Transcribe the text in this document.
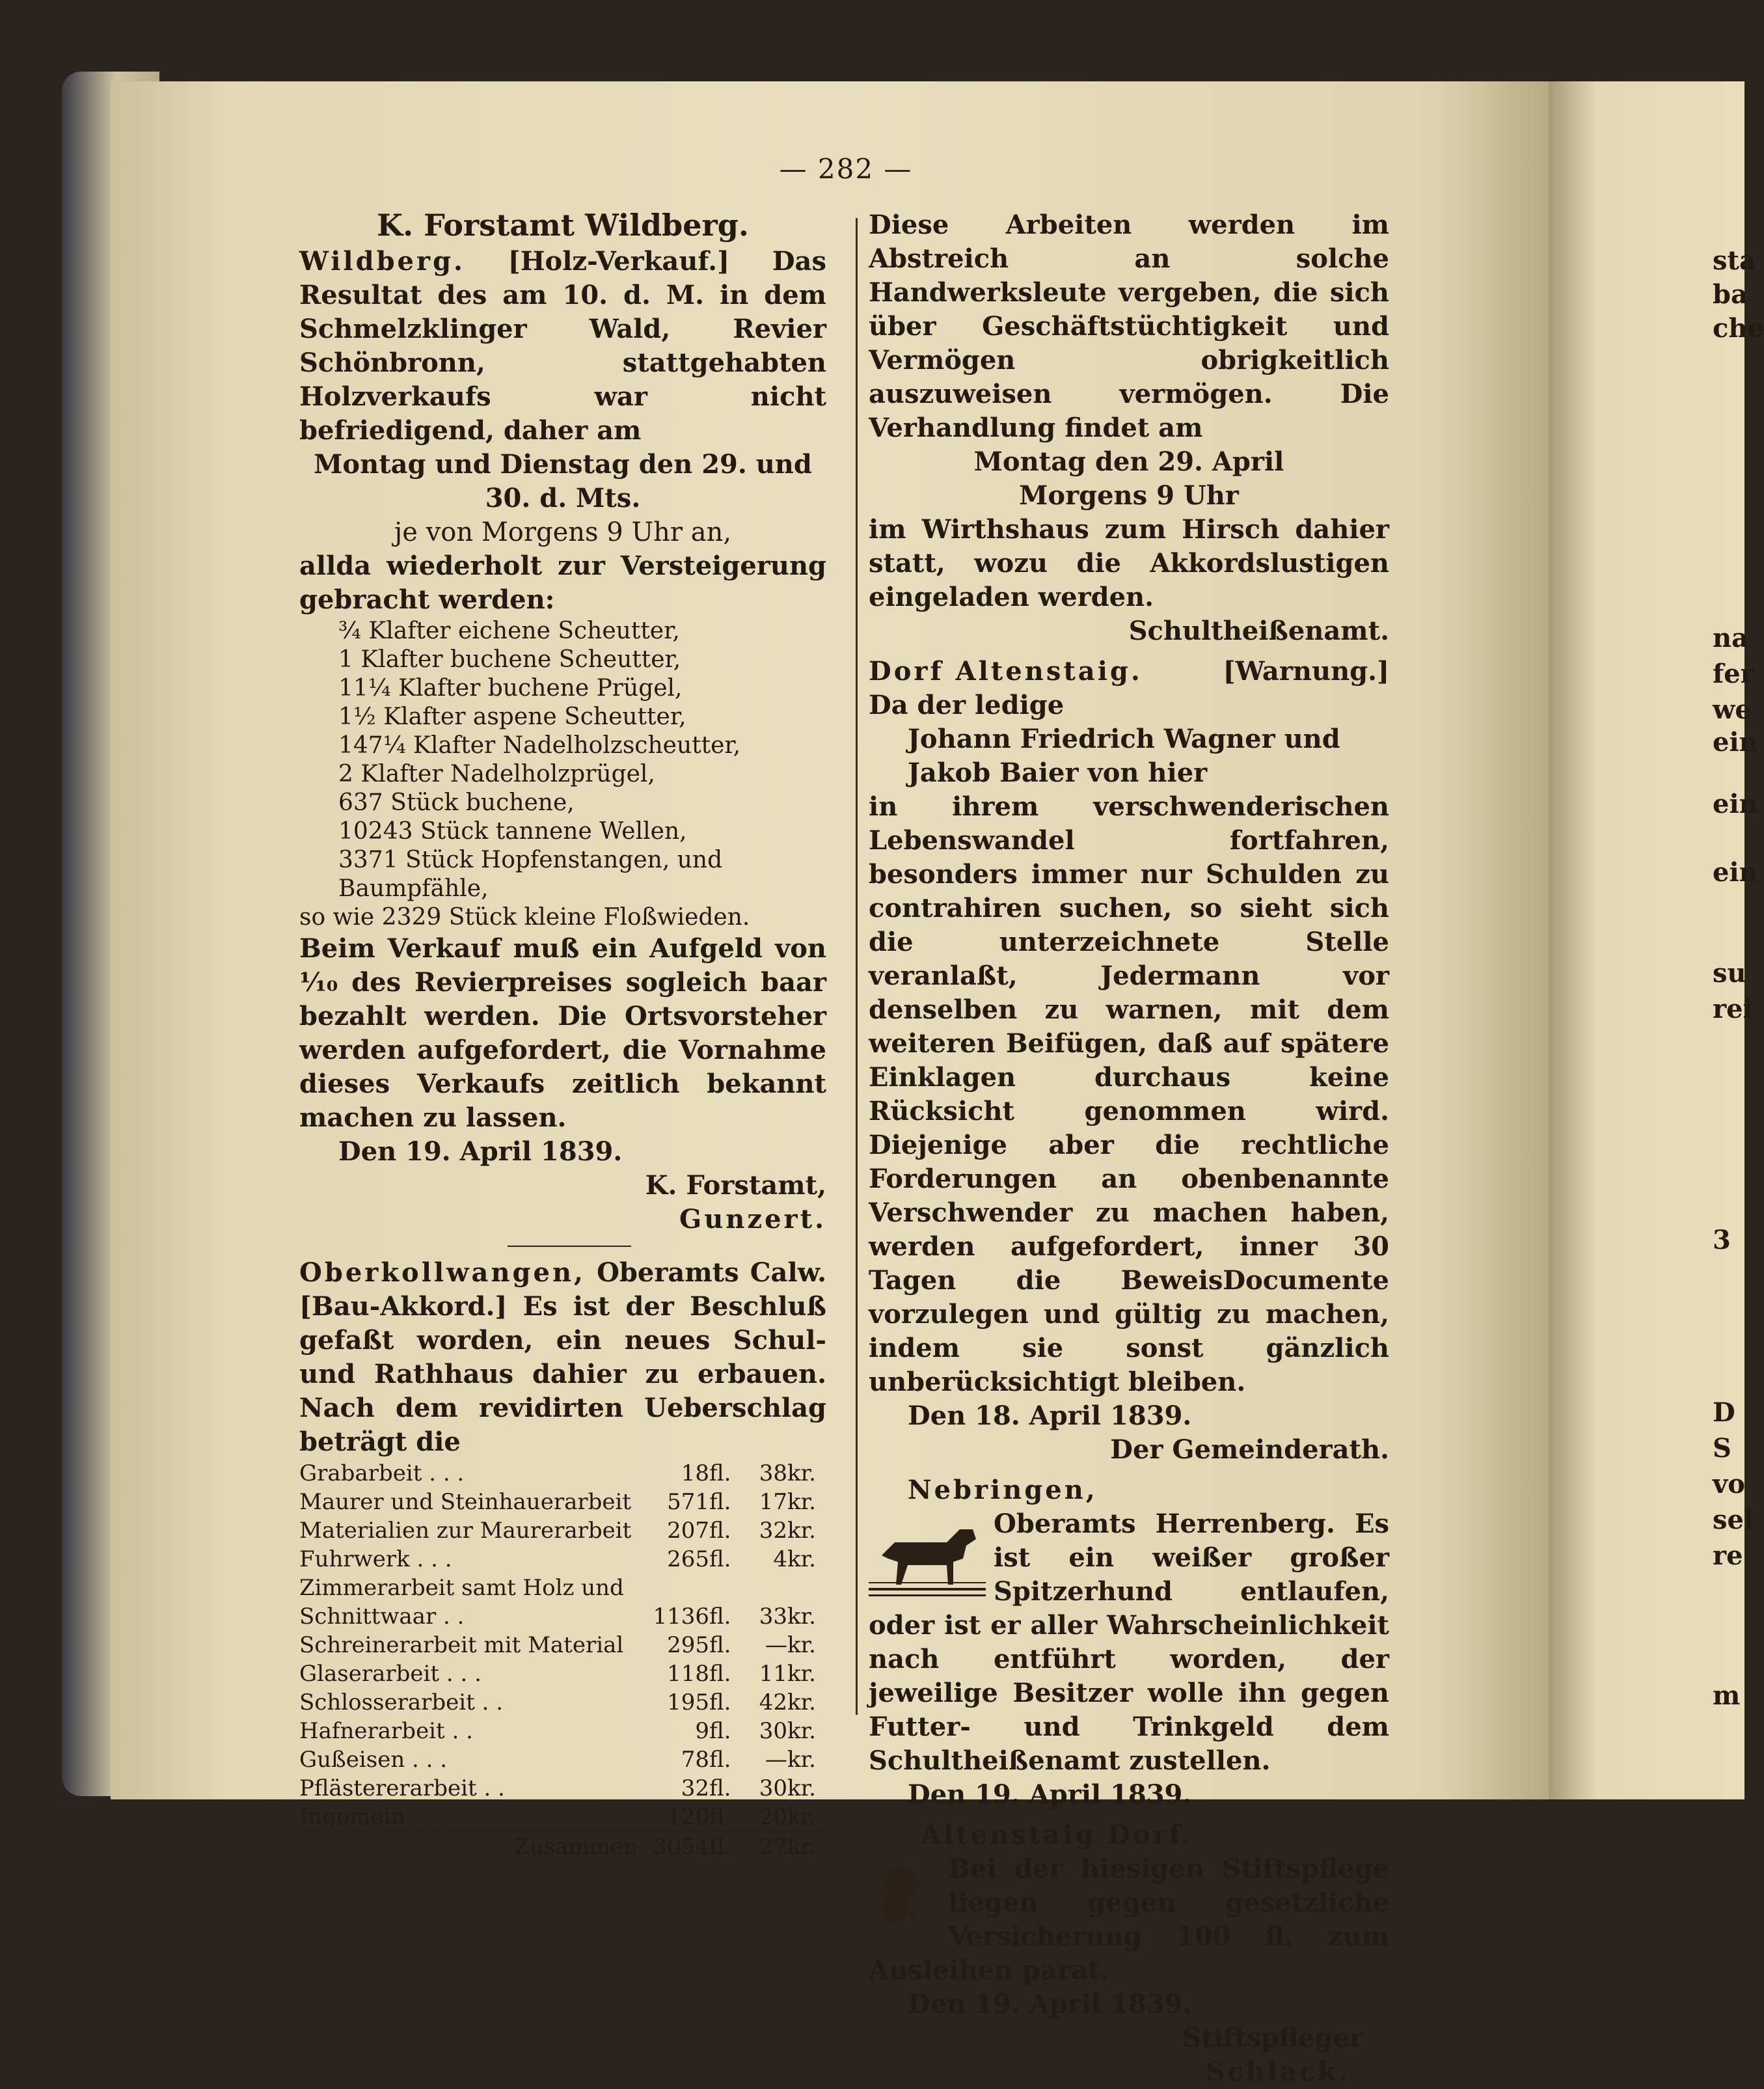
— 282 —
K. Forstamt Wildberg.

Wildberg. [Holz-Verkauf.] Das Resultat des am 10. d. M. in dem Schmelzklinger Wald, Revier Schönbronn, stattgehabten Holzverkaufs war nicht befriedigend, daher am

Montag und Dienstag den 29. und

30. d. Mts.

je von Morgens 9 Uhr an,

allda wiederholt zur Versteigerung gebracht werden:

¾ Klafter eichene Scheutter,
1 Klafter buchene Scheutter,
11¼ Klafter buchene Prügel,
1½ Klafter aspene Scheutter,
147¼ Klafter Nadelholzscheutter,
2 Klafter Nadelholzprügel,
637 Stück buchene,
10243 Stück tannene Wellen,
3371 Stück Hopfenstangen, und Baumpfähle,
so wie 2329 Stück kleine Floßwieden.

Beim Verkauf muß ein Aufgeld von ¹⁄₁₀ des Revierpreises sogleich baar bezahlt werden. Die Ortsvorsteher werden aufgefordert, die Vornahme dieses Verkaufs zeitlich bekannt machen zu lassen.

Den 19. April 1839.

K. Forstamt,

Gunzert.

Oberkollwangen, Oberamts Calw. [Bau-Akkord.] Es ist der Beschluß gefaßt worden, ein neues Schul- und Rathhaus dahier zu erbauen. Nach dem revidirten Ueberschlag beträgt die

Grabarbeit . . .	18	fl.	38	kr.
Maurer und Steinhauerarbeit	571	fl.	17	kr.
Materialien zur Maurerarbeit	207	fl.	32	kr.
Fuhrwerk . . .	265	fl.	4	kr.
Zimmerarbeit samt Holz und				
Schnittwaar . .	1136	fl.	33	kr.
Schreinerarbeit mit Material	295	fl.	—	kr.
Glaserarbeit . . .	118	fl.	11	kr.
Schlosserarbeit . .	195	fl.	42	kr.
Hafnerarbeit . .	9	fl.	30	kr.
Gußeisen . . .	78	fl.	—	kr.
Pflästererarbeit . .	32	fl.	30	kr.
Ingemein . . .	120	fl.	20	kr.
Zusammen	3054	fl.	27	kr.

Diese Arbeiten werden im Abstreich an solche Handwerksleute vergeben, die sich über Geschäftstüchtigkeit und Vermögen obrigkeitlich auszuweisen vermögen. Die Verhandlung findet am

Montag den 29. April

Morgens 9 Uhr

im Wirthshaus zum Hirsch dahier statt, wozu die Akkordslustigen eingeladen werden.

Schultheißenamt.

Dorf Altenstaig.	[Warnung.]

Da der ledige

Johann Friedrich Wagner und

Jakob Baier von hier

in ihrem verschwenderischen Lebenswandel fortfahren, besonders immer nur Schulden zu contrahiren suchen, so sieht sich die unterzeichnete Stelle veranlaßt, Jedermann vor denselben zu warnen, mit dem weiteren Beifügen, daß auf spätere Einklagen durchaus keine Rücksicht genommen wird. Diejenige aber die rechtliche Forderungen an obenbenannte Verschwender zu machen haben, werden aufgefordert, inner 30 Tagen die BeweisDocumente vorzulegen und gültig zu machen, indem sie sonst gänzlich unberücksichtigt bleiben.

Den 18. April 1839.

Der Gemeinderath.

Nebringen,

Oberamts Herrenberg. Es ist ein weißer großer Spitzerhund entlaufen, oder ist er aller Wahrscheinlichkeit nach entführt worden, der jeweilige Besitzer wolle ihn gegen Futter- und Trinkgeld dem Schultheißenamt zustellen.

Den 19. April 1839.

Altenstaig Dorf.

Bei der hiesigen Stiftspflege liegen gegen gesetzliche Versicherung 100 fl. zum Ausleihen parat.

Den 19. April 1839.

Stiftspfleger

Schlack.

sta
ba
che
na
fer
we
ein
ein
ein
su
rei
3
D
S
vo
sel
re
m
